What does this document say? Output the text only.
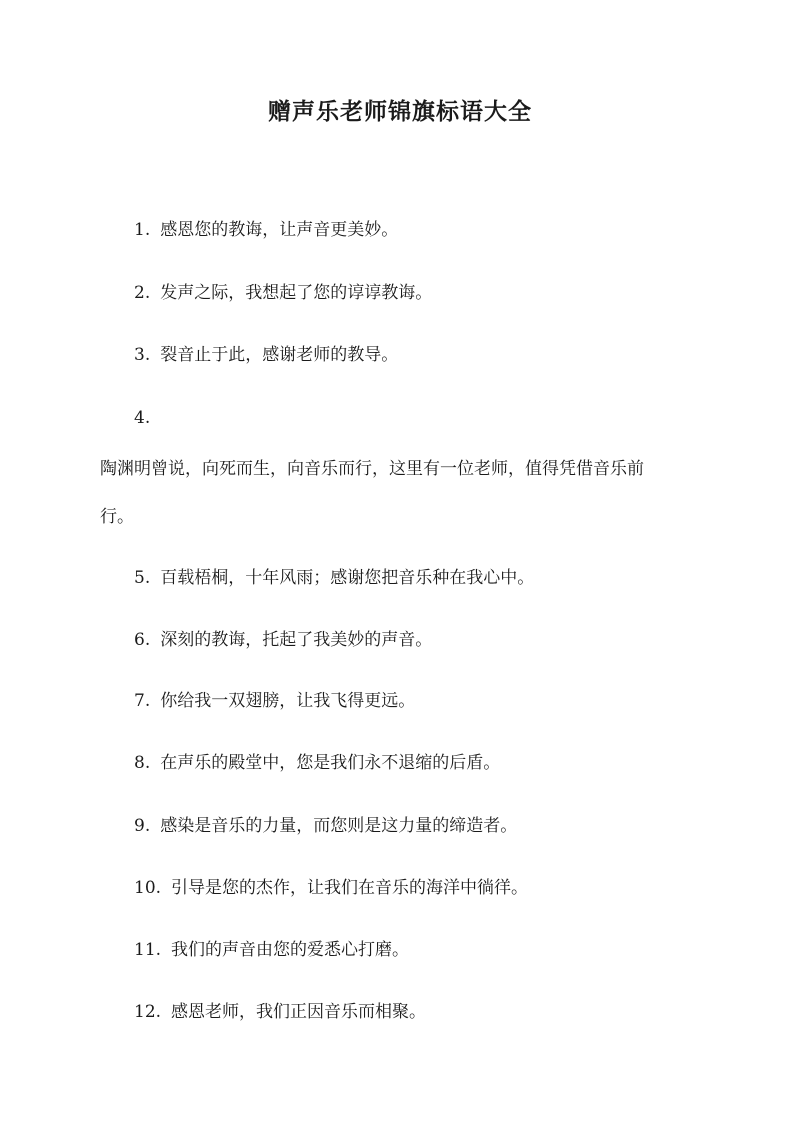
赠声乐老师锦旗标语大全
1. 感恩您的教诲，让声音更美妙。
2. 发声之际，我想起了您的谆谆教诲。
3. 裂音止于此，感谢老师的教导。
4.
陶渊明曾说，向死而生，向音乐而行，这里有一位老师，值得凭借音乐前
行。
5. 百载梧桐，十年风雨；感谢您把音乐种在我心中。
6. 深刻的教诲，托起了我美妙的声音。
7. 你给我一双翅膀，让我飞得更远。
8. 在声乐的殿堂中，您是我们永不退缩的后盾。
9. 感染是音乐的力量，而您则是这力量的缔造者。
10. 引导是您的杰作，让我们在音乐的海洋中徜徉。
11. 我们的声音由您的爱悉心打磨。
12. 感恩老师，我们正因音乐而相聚。
